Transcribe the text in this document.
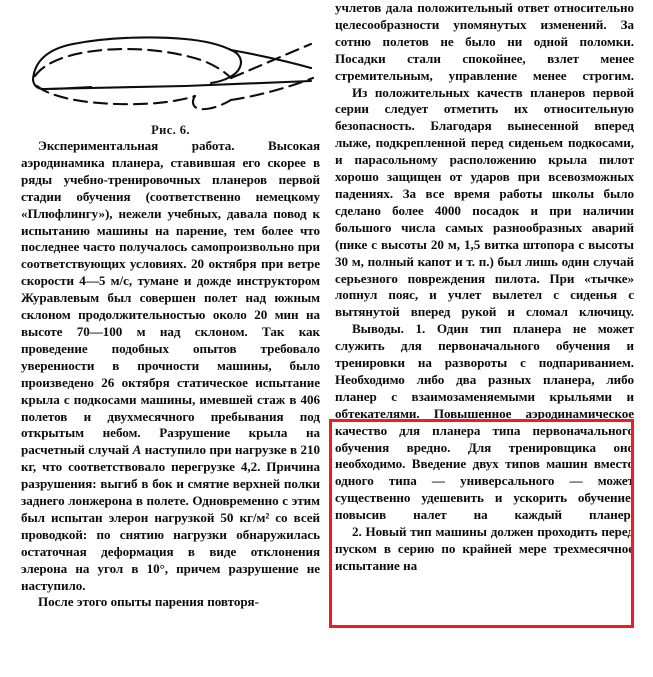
Рис. 6.

Экспериментальная работа. Высокая аэродинамика планера, ставившая его скорее в ряды учебно-тренировочных планеров первой стадии обучения (соответственно немецкому «Плюфлингу»), нежели учебных, давала повод к испытанию машины на парение, тем более что последнее часто получалось самопроизвольно при соответствующих условиях. 20 октября при ветре скорости 4—5 м/с, тумане и дожде инструктором Журавлевым был совершен полет над южным склоном продолжительностью около 20 мин на высоте 70—100 м над склоном. Так как проведение подобных опытов требовало уверенности в прочности машины, было произведено 26 октября статическое испытание крыла с подкосами машины, имевшей стаж в 406 полетов и двухмесячного пребывания под открытым небом. Разрушение крыла на расчетный случай A наступило при нагрузке в 210 кг, что соответствовало перегрузке 4,2. Причина разрушения: выгиб в бок и смятие верхней полки заднего лонжерона в полете. Одновременно с этим был испытан элерон нагрузкой 50 кг/м² со всей проводкой: по снятию нагрузки обнаружилась остаточная деформация в виде отклонения элерона на угол в 10°, причем разрушение не наступило.

После этого опыты парения повторя-

учлетов дала положительный ответ относительно целесообразности упомянутых изменений. За сотню полетов не было ни одной поломки. Посадки стали спокойнее, взлет менее стремительным, управление менее строгим.

Из положительных качеств планеров первой серии следует отметить их относительную безопасность. Благодаря вынесенной вперед лыже, подкрепленной перед сиденьем подкосами, и парасольному расположению крыла пилот хорошо защищен от ударов при всевозможных падениях. За все время работы школы было сделано более 4000 посадок и при наличии большого числа самых разнообразных аварий (пике с высоты 20 м, 1,5 витка штопора с высоты 30 м, полный капот и т. п.) был лишь один случай серьезного повреждения пилота. При «тычке» лопнул пояс, и учлет вылетел с сиденья с вытянутой вперед рукой и сломал ключицу.

Выводы. 1. Один тип планера не может служить для первоначального обучения и тренировки на развороты с подпариванием. Необходимо либо два разных планера, либо планер с взаимозаменяемыми крыльями и обтекателями. Повышенное аэродинамическое качество для планера типа первоначального обучения вредно. Для тренировщика оно необходимо. Введение двух типов машин вместо одного типа — универсального — может существенно удешевить и ускорить обучение, повысив налет на каждый планер.

2. Новый тип машины должен проходить перед пуском в серию по крайней мере трехмесячное испытание на
